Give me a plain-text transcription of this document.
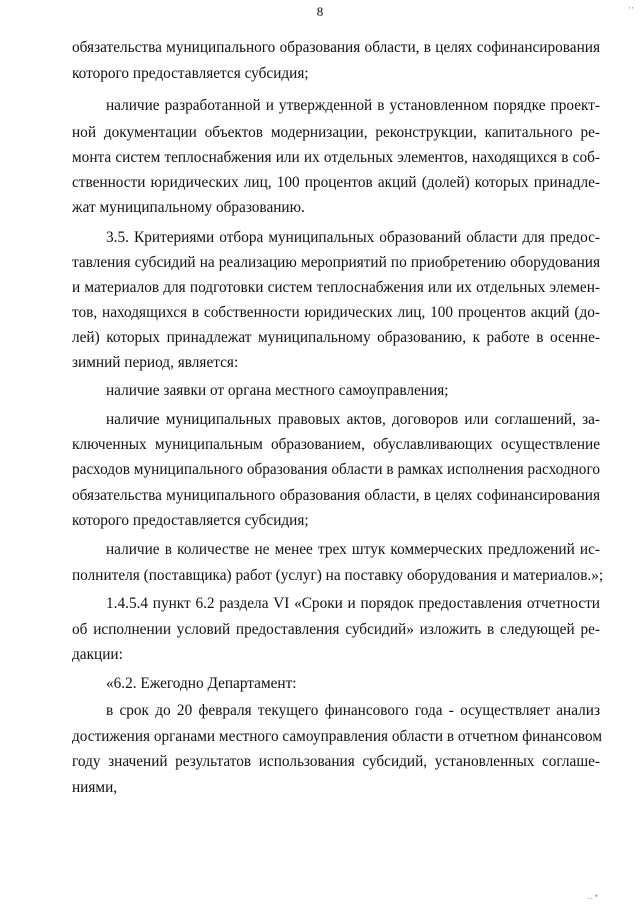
8
обязательства муниципального образования области, в целях софинансирования
которого предоставляется субсидия;
наличие разработанной и утвержденной в установленном порядке проект-
ной документации объектов модернизации, реконструкции, капитального ре-
монта систем теплоснабжения или их отдельных элементов, находящихся в соб-
ственности юридических лиц, 100 процентов акций (долей) которых принадле-
жат муниципальному образованию.
3.5. Критериями отбора муниципальных образований области для предос-
тавления субсидий на реализацию мероприятий по приобретению оборудования
и материалов для подготовки систем теплоснабжения или их отдельных элемен-
тов, находящихся в собственности юридических лиц, 100 процентов акций (до-
лей) которых принадлежат муниципальному образованию, к работе в осенне-
зимний период, является:
наличие заявки от органа местного самоуправления;
наличие муниципальных правовых актов, договоров или соглашений, за-
ключенных муниципальным образованием, обуславливающих осуществление
расходов муниципального образования области в рамках исполнения расходного
обязательства муниципального образования области, в целях софинансирования
которого предоставляется субсидия;
наличие в количестве не менее трех штук коммерческих предложений ис-
полнителя (поставщика) работ (услуг) на поставку оборудования и материалов.»;
1.4.5.4 пункт 6.2 раздела VI «Сроки и порядок предоставления отчетности
об исполнении условий предоставления субсидий» изложить в следующей ре-
дакции:
«6.2. Ежегодно Департамент:
в срок до 20 февраля текущего финансового года - осуществляет анализ
достижения органами местного самоуправления области в отчетном финансовом
году значений результатов использования субсидий, установленных соглаше-
ниями,
‚‚
‥ •
